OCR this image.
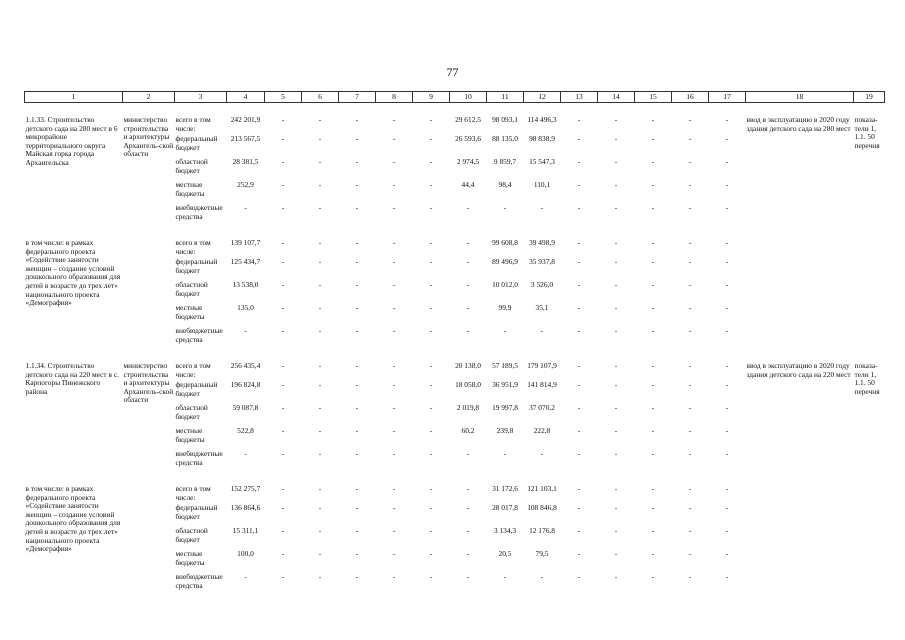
77
1	2	3	4	5	6	7	8	9	10	11	12	13	14	15	16	17	18	19

1.1.33. Строительство детского сада на 280 мест в 6 микрорайоне территориального округа Майская горка города Архангельска	министерство строительства и архитектуры Архангель-ской области	всего в том числе:	242 201,9	-	-	-	-	-	29 612,5	98 093,1	114 496,3	-	-	-	-	-	ввод в эксплуатацию в 2020 году здания детского сада на 280 мест	показа-тели 1, 1.1. 50 перечня
		федеральный бюджет	213 567,5	-	-	-	-	-	26 593,6	88 135,0	98 838,9	-	-	-	-	-		
		областной бюджет	28 381,5	-	-	-	-	-	2 974,5	9 859,7	15 547,3	-	-	-	-	-		
		местные бюджеты	252,9	-	-	-	-	-	44,4	98,4	110,1	-	-	-	-	-		
		внебюджетные средства	-	-	-	-	-	-	-	-	-	-	-	-	-	-		

в том числе: в рамках федерального проекта «Содействие занятости женщин – создание условий дошкольного образования для детей в возрасте до трех лет» национального проекта «Демография»		всего в том числе:	139 107,7	-	-	-	-	-	-	99 608,8	39 498,9	-	-	-	-	-		
		федеральный бюджет	125 434,7	-	-	-	-	-	-	89 496,9	35 937,8	-	-	-	-	-		
		областной бюджет	13 538,0	-	-	-	-	-	-	10 012,0	3 526,0	-	-	-	-	-		
		местные бюджеты	135,0	-	-	-	-	-	-	99,9	35,1	-	-	-	-	-		
		внебюджетные средства	-	-	-	-	-	-	-	-	-	-	-	-	-	-		

1.1.34. Строительство детского сада на 220 мест в с. Карпогоры Пинежского района	министерство строительства и архитектуры Архангель-ской области	всего в том числе:	256 435,4	-	-	-	-	-	20 138,0	57 189,5	179 107,9	-	-	-	-	-	ввод в эксплуатацию в 2020 году здания детского сада на 220 мест	показа-тели 1, 1.1. 50 перечня
		федеральный бюджет	196 824,8	-	-	-	-	-	18 058,0	36 951,9	141 814,9	-	-	-	-	-		
		областной бюджет	59 087,8	-	-	-	-	-	2 019,8	19 997,8	37 070,2	-	-	-	-	-		
		местные бюджеты	522,8	-	-	-	-	-	60,2	239,8	222,8	-	-	-	-	-		
		внебюджетные средства	-	-	-	-	-	-	-	-	-	-	-	-	-	-		

в том числе: в рамках федерального проекта «Содействие занятости женщин – создание условий дошкольного образования для детей в возрасте до трех лет» национального проекта «Демография»		всего в том числе:	152 275,7	-	-	-	-	-	-	31 172,6	121 103,1	-	-	-	-	-		
		федеральный бюджет	136 864,6	-	-	-	-	-	-	28 017,8	108 846,8	-	-	-	-	-		
		областной бюджет	15 311,1	-	-	-	-	-	-	3 134,3	12 176,8	-	-	-	-	-		
		местные бюджеты	100,0	-	-	-	-	-	-	20,5	79,5	-	-	-	-	-		
		внебюджетные средства	-	-	-	-	-	-	-	-	-	-	-	-	-	-		
